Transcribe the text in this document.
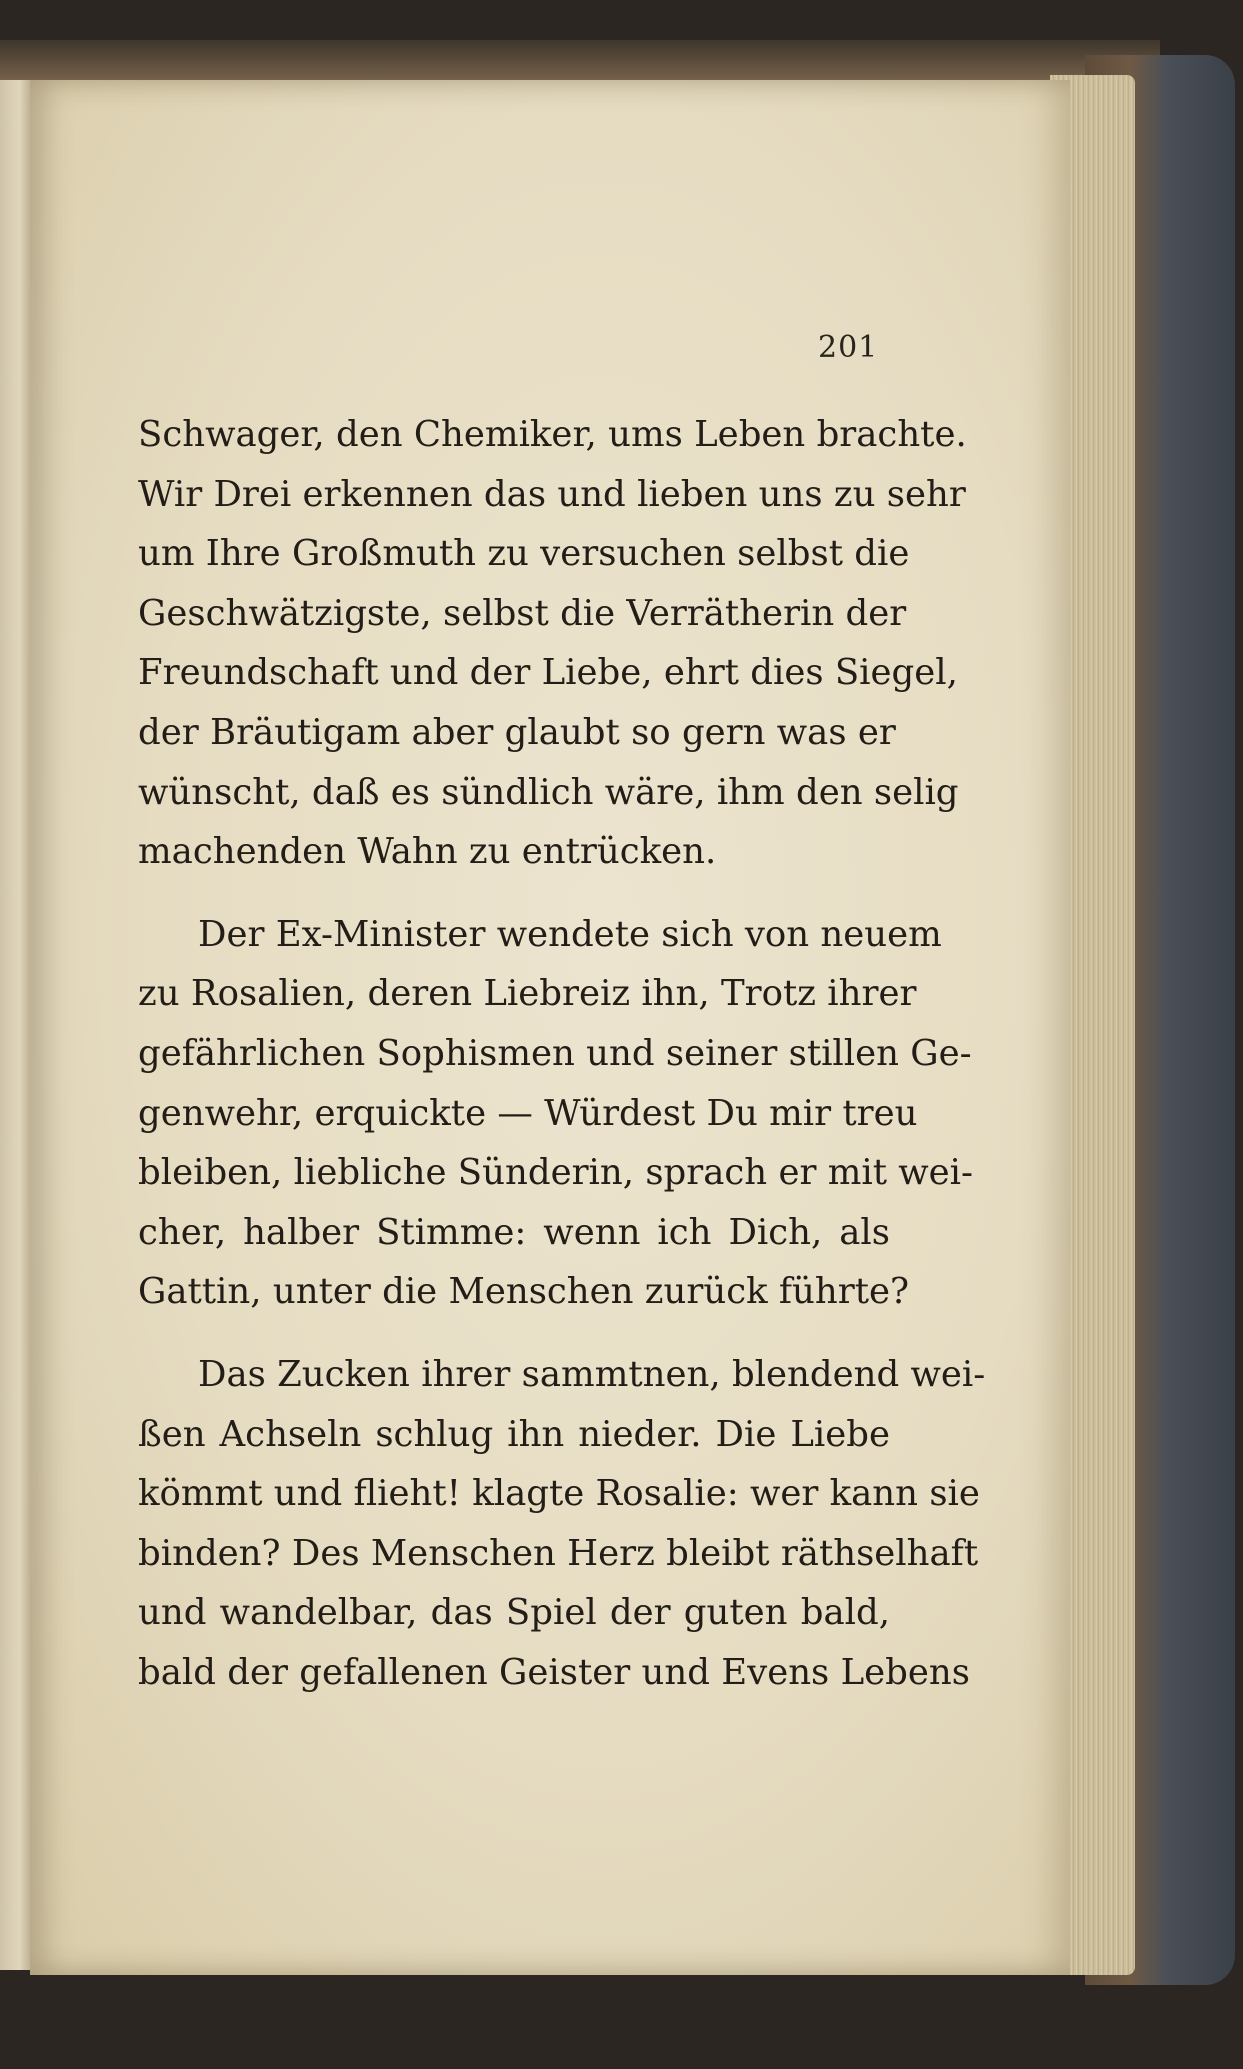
201
Schwager, den Chemiker, ums Leben brachte.
Wir Drei erkennen das und lieben uns zu sehr
um Ihre Großmuth zu versuchen selbst die
Geschwätzigste, selbst die Verrätherin der
Freundschaft und der Liebe, ehrt dies Siegel,
der Bräutigam aber glaubt so gern was er
wünscht, daß es sündlich wäre, ihm den selig
machenden Wahn zu entrücken.
Der Ex-Minister wendete sich von neuem
zu Rosalien, deren Liebreiz ihn, Trotz ihrer
gefährlichen Sophismen und seiner stillen Ge-
genwehr, erquickte — Würdest Du mir treu
bleiben, liebliche Sünderin, sprach er mit wei-
cher, halber Stimme: wenn ich Dich, als
Gattin, unter die Menschen zurück führte?
Das Zucken ihrer sammtnen, blendend wei-
ßen Achseln schlug ihn nieder. Die Liebe
kömmt und flieht! klagte Rosalie: wer kann sie
binden? Des Menschen Herz bleibt räthselhaft
und wandelbar, das Spiel der guten bald,
bald der gefallenen Geister und Evens Lebens
